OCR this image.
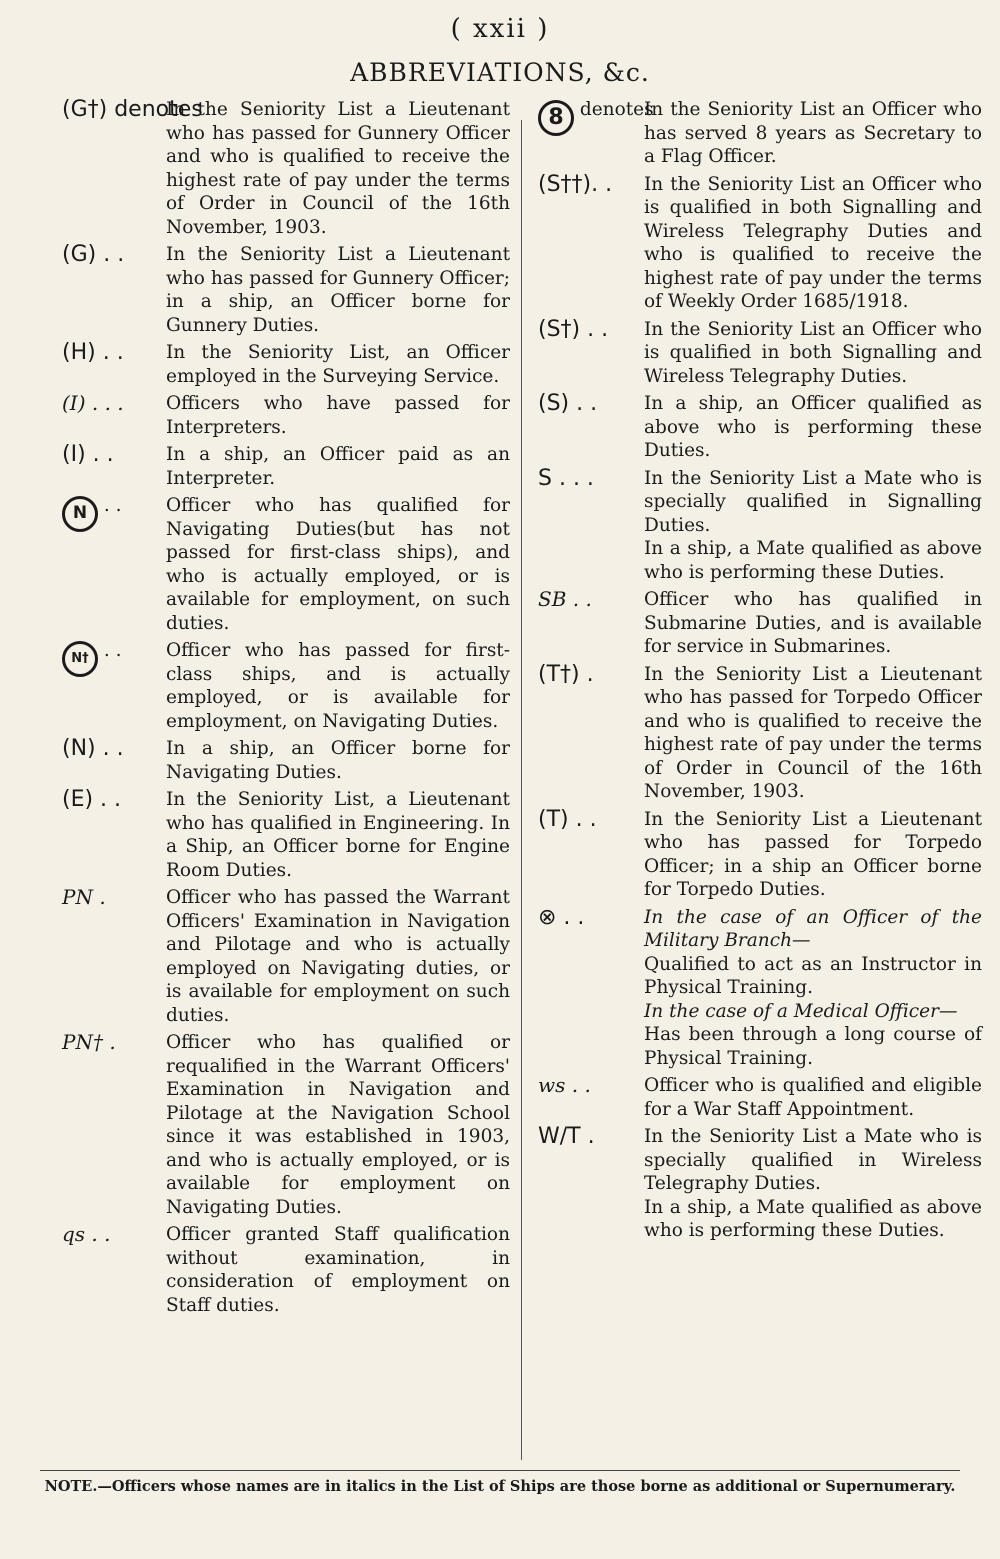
( xxii )
ABBREVIATIONS, &c.
(G†) denotes

In the Seniority List a Lieutenant who has passed for Gunnery Officer and who is qualified to receive the highest rate of pay under the terms of Order in Council of the 16th November, 1903.

(G) . .	In the Seniority List a Lieutenant who has passed for Gunnery Officer; in a ship, an Officer borne for Gunnery Duties.

(H) . .	In the Seniority List, an Officer employed in the Surveying Service.

(I) . . .	Officers who have passed for Interpreters.

(I) . .	In a ship, an Officer paid as an Interpreter.

N . .	Officer who has qualified for Navigating Duties(but has not passed for first-class ships), and who is actually employed, or is available for employment, on such duties.

N† . .	Officer who has passed for first-class ships, and is actually employed, or is available for employment, on Navigating Duties.

(N) . .	In a ship, an Officer borne for Navigating Duties.

(E) . .	In the Seniority List, a Lieutenant who has qualified in Engineering. In a Ship, an Officer borne for Engine Room Duties.

PN .	Officer who has passed the Warrant Officers' Examination in Navigation and Pilotage and who is actually employed on Navigating duties, or is available for employment on such duties.

PN† .	Officer who has qualified or requalified in the Warrant Officers' Examination in Navigation and Pilotage at the Navigation School since it was established in 1903, and who is actually employed, or is available for employment on Navigating Duties.

qs . .	Officer granted Staff qualification without examination, in consideration of employment on Staff duties.

8 $^{denotes}$

In the Seniority List an Officer who has served 8 years as Secretary to a Flag Officer.

(S††). .	In the Seniority List an Officer who is qualified in both Signalling and Wireless Telegraphy Duties and who is qualified to receive the highest rate of pay under the terms of Weekly Order 1685/1918.

(S†) . .	In the Seniority List an Officer who is qualified in both Signalling and Wireless Telegraphy Duties.

(S) . .	In a ship, an Officer qualified as above who is performing these Duties.

S . . .	In the Seniority List a Mate who is specially qualified in Signalling Duties.

In a ship, a Mate qualified as above who is performing these Duties.

SB . .	Officer who has qualified in Submarine Duties, and is available for service in Submarines.

(T†) .	In the Seniority List a Lieutenant who has passed for Torpedo Officer and who is qualified to receive the highest rate of pay under the terms of Order in Council of the 16th November, 1903.

(T) . .	In the Seniority List a Lieutenant who has passed for Torpedo Officer; in a ship an Officer borne for Torpedo Duties.

⊗ . .	In the case of an Officer of the Military Branch—

Qualified to act as an Instructor in Physical Training.

In the case of a Medical Officer—

Has been through a long course of Physical Training.

ws . .	Officer who is qualified and eligible for a War Staff Appointment.

W/T .	In the Seniority List a Mate who is specially qualified in Wireless Telegraphy Duties.

In a ship, a Mate qualified as above who is performing these Duties.

NOTE.—Officers whose names are in italics in the List of Ships are those borne as additional or Supernumerary.
